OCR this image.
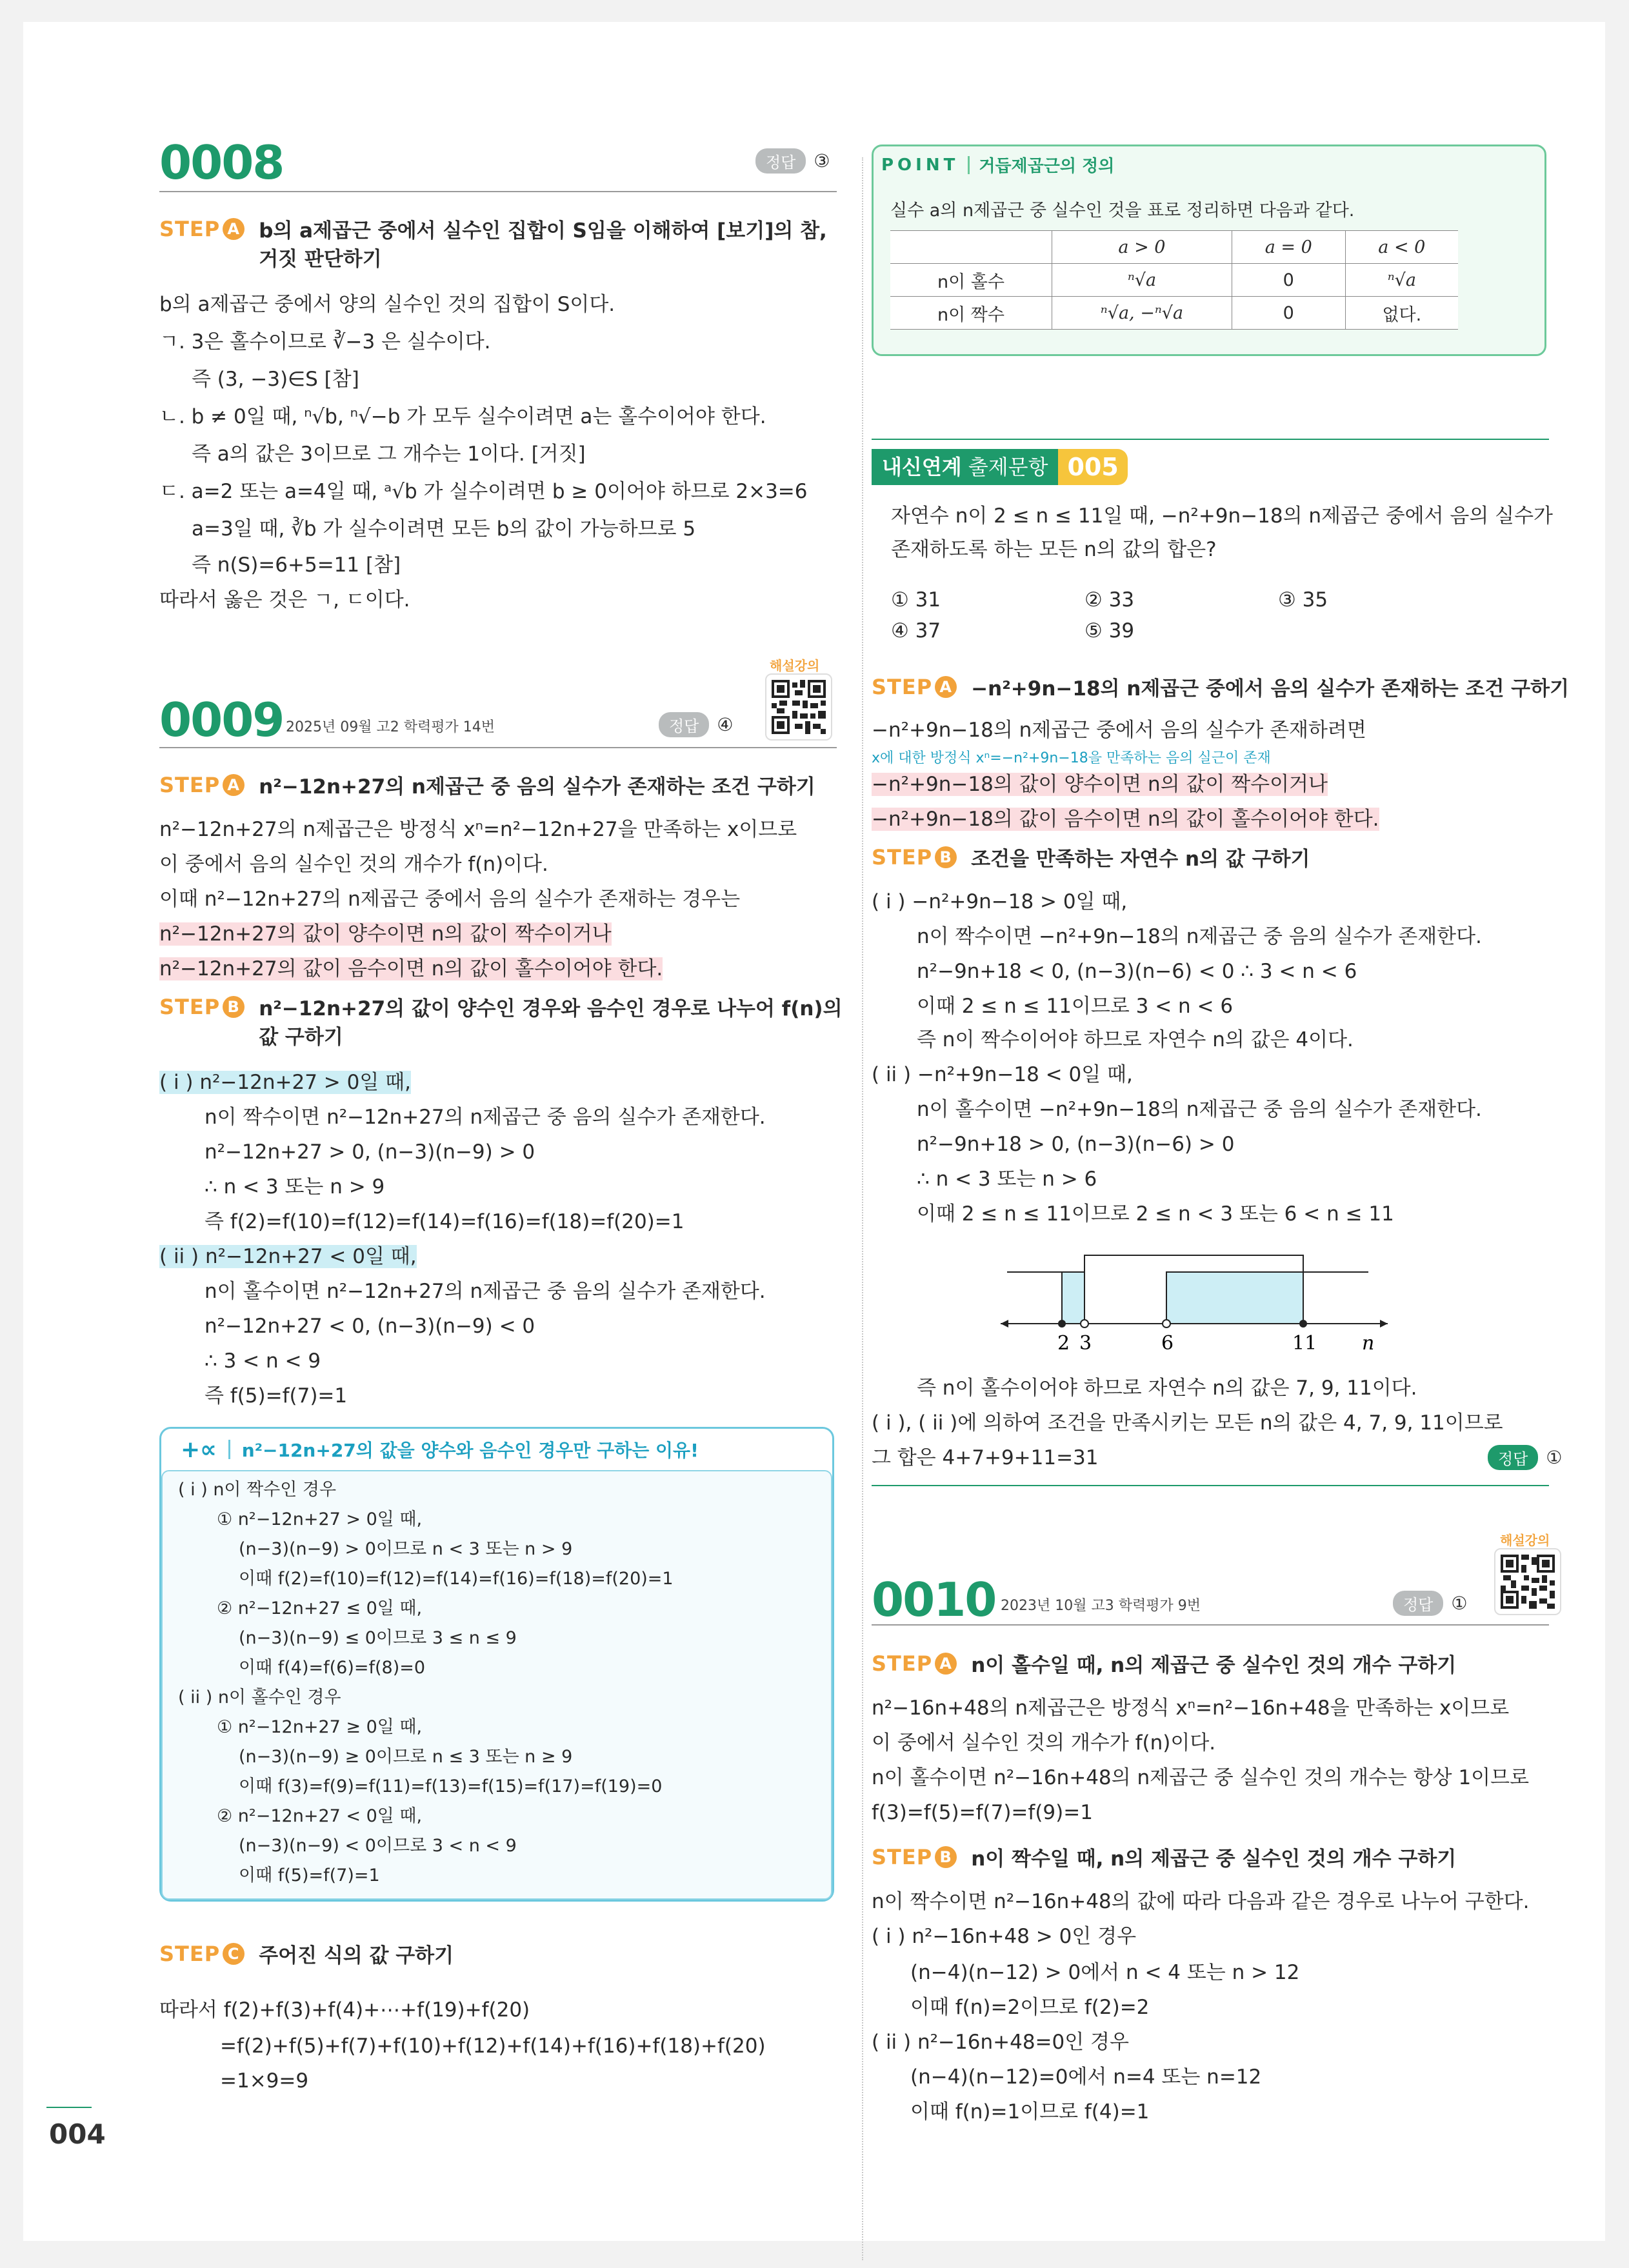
0008	정답	③
STEP A b의 a제곱근 중에서 실수인 집합이 S임을 이해하여 [보기]의 참,
거짓 판단하기
b의 a제곱근 중에서 양의 실수인 것의 집합이 S이다.
ㄱ. 3은 홀수이므로 ∛−3 은 실수이다.
즉 (3, −3)∈S [참]
ㄴ. b ≠ 0일 때, ⁿ√b, ⁿ√−b 가 모두 실수이려면 a는 홀수이어야 한다.
즉 a의 값은 3이므로 그 개수는 1이다. [거짓]
ㄷ. a=2 또는 a=4일 때, ᵃ√b 가 실수이려면 b ≥ 0이어야 하므로 2×3=6
a=3일 때, ∛b 가 실수이려면 모든 b의 값이 가능하므로 5
즉 n(S)=6+5=11 [참]
따라서 옳은 것은 ㄱ, ㄷ이다.
해설강의
0009 2025년 09월 고2 학력평가 14번	정답	④
STEP A n²−12n+27의 n제곱근 중 음의 실수가 존재하는 조건 구하기
n²−12n+27의 n제곱근은 방정식 xⁿ=n²−12n+27을 만족하는 x이므로
이 중에서 음의 실수인 것의 개수가 f(n)이다.
이때 n²−12n+27의 n제곱근 중에서 음의 실수가 존재하는 경우는
n²−12n+27의 값이 양수이면 n의 값이 짝수이거나
n²−12n+27의 값이 음수이면 n의 값이 홀수이어야 한다.
STEP B n²−12n+27의 값이 양수인 경우와 음수인 경우로 나누어 f(n)의
값 구하기
( i ) n²−12n+27 > 0일 때,
n이 짝수이면 n²−12n+27의 n제곱근 중 음의 실수가 존재한다.
n²−12n+27 > 0, (n−3)(n−9) > 0
∴ n < 3 또는 n > 9
즉 f(2)=f(10)=f(12)=f(14)=f(16)=f(18)=f(20)=1
( ii ) n²−12n+27 < 0일 때,
n이 홀수이면 n²−12n+27의 n제곱근 중 음의 실수가 존재한다.
n²−12n+27 < 0, (n−3)(n−9) < 0
∴ 3 < n < 9
즉 f(5)=f(7)=1
+∝ n²−12n+27의 값을 양수와 음수인 경우만 구하는 이유!
( i ) n이 짝수인 경우
① n²−12n+27 > 0일 때,
(n−3)(n−9) > 0이므로 n < 3 또는 n > 9
이때 f(2)=f(10)=f(12)=f(14)=f(16)=f(18)=f(20)=1
② n²−12n+27 ≤ 0일 때,
(n−3)(n−9) ≤ 0이므로 3 ≤ n ≤ 9
이때 f(4)=f(6)=f(8)=0
( ii ) n이 홀수인 경우
① n²−12n+27 ≥ 0일 때,
(n−3)(n−9) ≥ 0이므로 n ≤ 3 또는 n ≥ 9
이때 f(3)=f(9)=f(11)=f(13)=f(15)=f(17)=f(19)=0
② n²−12n+27 < 0일 때,
(n−3)(n−9) < 0이므로 3 < n < 9
이때 f(5)=f(7)=1
STEP C 주어진 식의 값 구하기
따라서 f(2)+f(3)+f(4)+⋯+f(19)+f(20)
=f(2)+f(5)+f(7)+f(10)+f(12)+f(14)+f(16)+f(18)+f(20)
=1×9=9
POINT 거듭제곱근의 정의
실수 a의 n제곱근 중 실수인 것을 표로 정리하면 다음과 같다.
	a > 0	a = 0	a < 0
n이 홀수	ⁿ√a	0	ⁿ√a
n이 짝수	ⁿ√a, −ⁿ√a	0	없다.
내신연계 출제문항 005
자연수 n이 2 ≤ n ≤ 11일 때, −n²+9n−18의 n제곱근 중에서 음의 실수가
존재하도록 하는 모든 n의 값의 합은?
① 31	② 33	③ 35
④ 37	⑤ 39
STEP A −n²+9n−18의 n제곱근 중에서 음의 실수가 존재하는 조건 구하기
−n²+9n−18의 n제곱근 중에서 음의 실수가 존재하려면
x에 대한 방정식 xⁿ=−n²+9n−18을 만족하는 음의 실근이 존재
−n²+9n−18의 값이 양수이면 n의 값이 짝수이거나
−n²+9n−18의 값이 음수이면 n의 값이 홀수이어야 한다.
STEP B 조건을 만족하는 자연수 n의 값 구하기
( i ) −n²+9n−18 > 0일 때,
n이 짝수이면 −n²+9n−18의 n제곱근 중 음의 실수가 존재한다.
n²−9n+18 < 0, (n−3)(n−6) < 0 ∴ 3 < n < 6
이때 2 ≤ n ≤ 11이므로 3 < n < 6
즉 n이 짝수이어야 하므로 자연수 n의 값은 4이다.
( ii ) −n²+9n−18 < 0일 때,
n이 홀수이면 −n²+9n−18의 n제곱근 중 음의 실수가 존재한다.
n²−9n+18 > 0, (n−3)(n−6) > 0
∴ n < 3 또는 n > 6
이때 2 ≤ n ≤ 11이므로 2 ≤ n < 3 또는 6 < n ≤ 11
2 3	6	11 n
즉 n이 홀수이어야 하므로 자연수 n의 값은 7, 9, 11이다.
( i ), ( ii )에 의하여 조건을 만족시키는 모든 n의 값은 4, 7, 9, 11이므로
그 합은 4+7+9+11=31	정답	①
해설강의
0010 2023년 10월 고3 학력평가 9번	정답	①
STEP A n이 홀수일 때, n의 제곱근 중 실수인 것의 개수 구하기
n²−16n+48의 n제곱근은 방정식 xⁿ=n²−16n+48을 만족하는 x이므로
이 중에서 실수인 것의 개수가 f(n)이다.
n이 홀수이면 n²−16n+48의 n제곱근 중 실수인 것의 개수는 항상 1이므로
f(3)=f(5)=f(7)=f(9)=1
STEP B n이 짝수일 때, n의 제곱근 중 실수인 것의 개수 구하기
n이 짝수이면 n²−16n+48의 값에 따라 다음과 같은 경우로 나누어 구한다.
( i ) n²−16n+48 > 0인 경우
(n−4)(n−12) > 0에서 n < 4 또는 n > 12
이때 f(n)=2이므로 f(2)=2
( ii ) n²−16n+48=0인 경우
(n−4)(n−12)=0에서 n=4 또는 n=12
이때 f(n)=1이므로 f(4)=1
004
